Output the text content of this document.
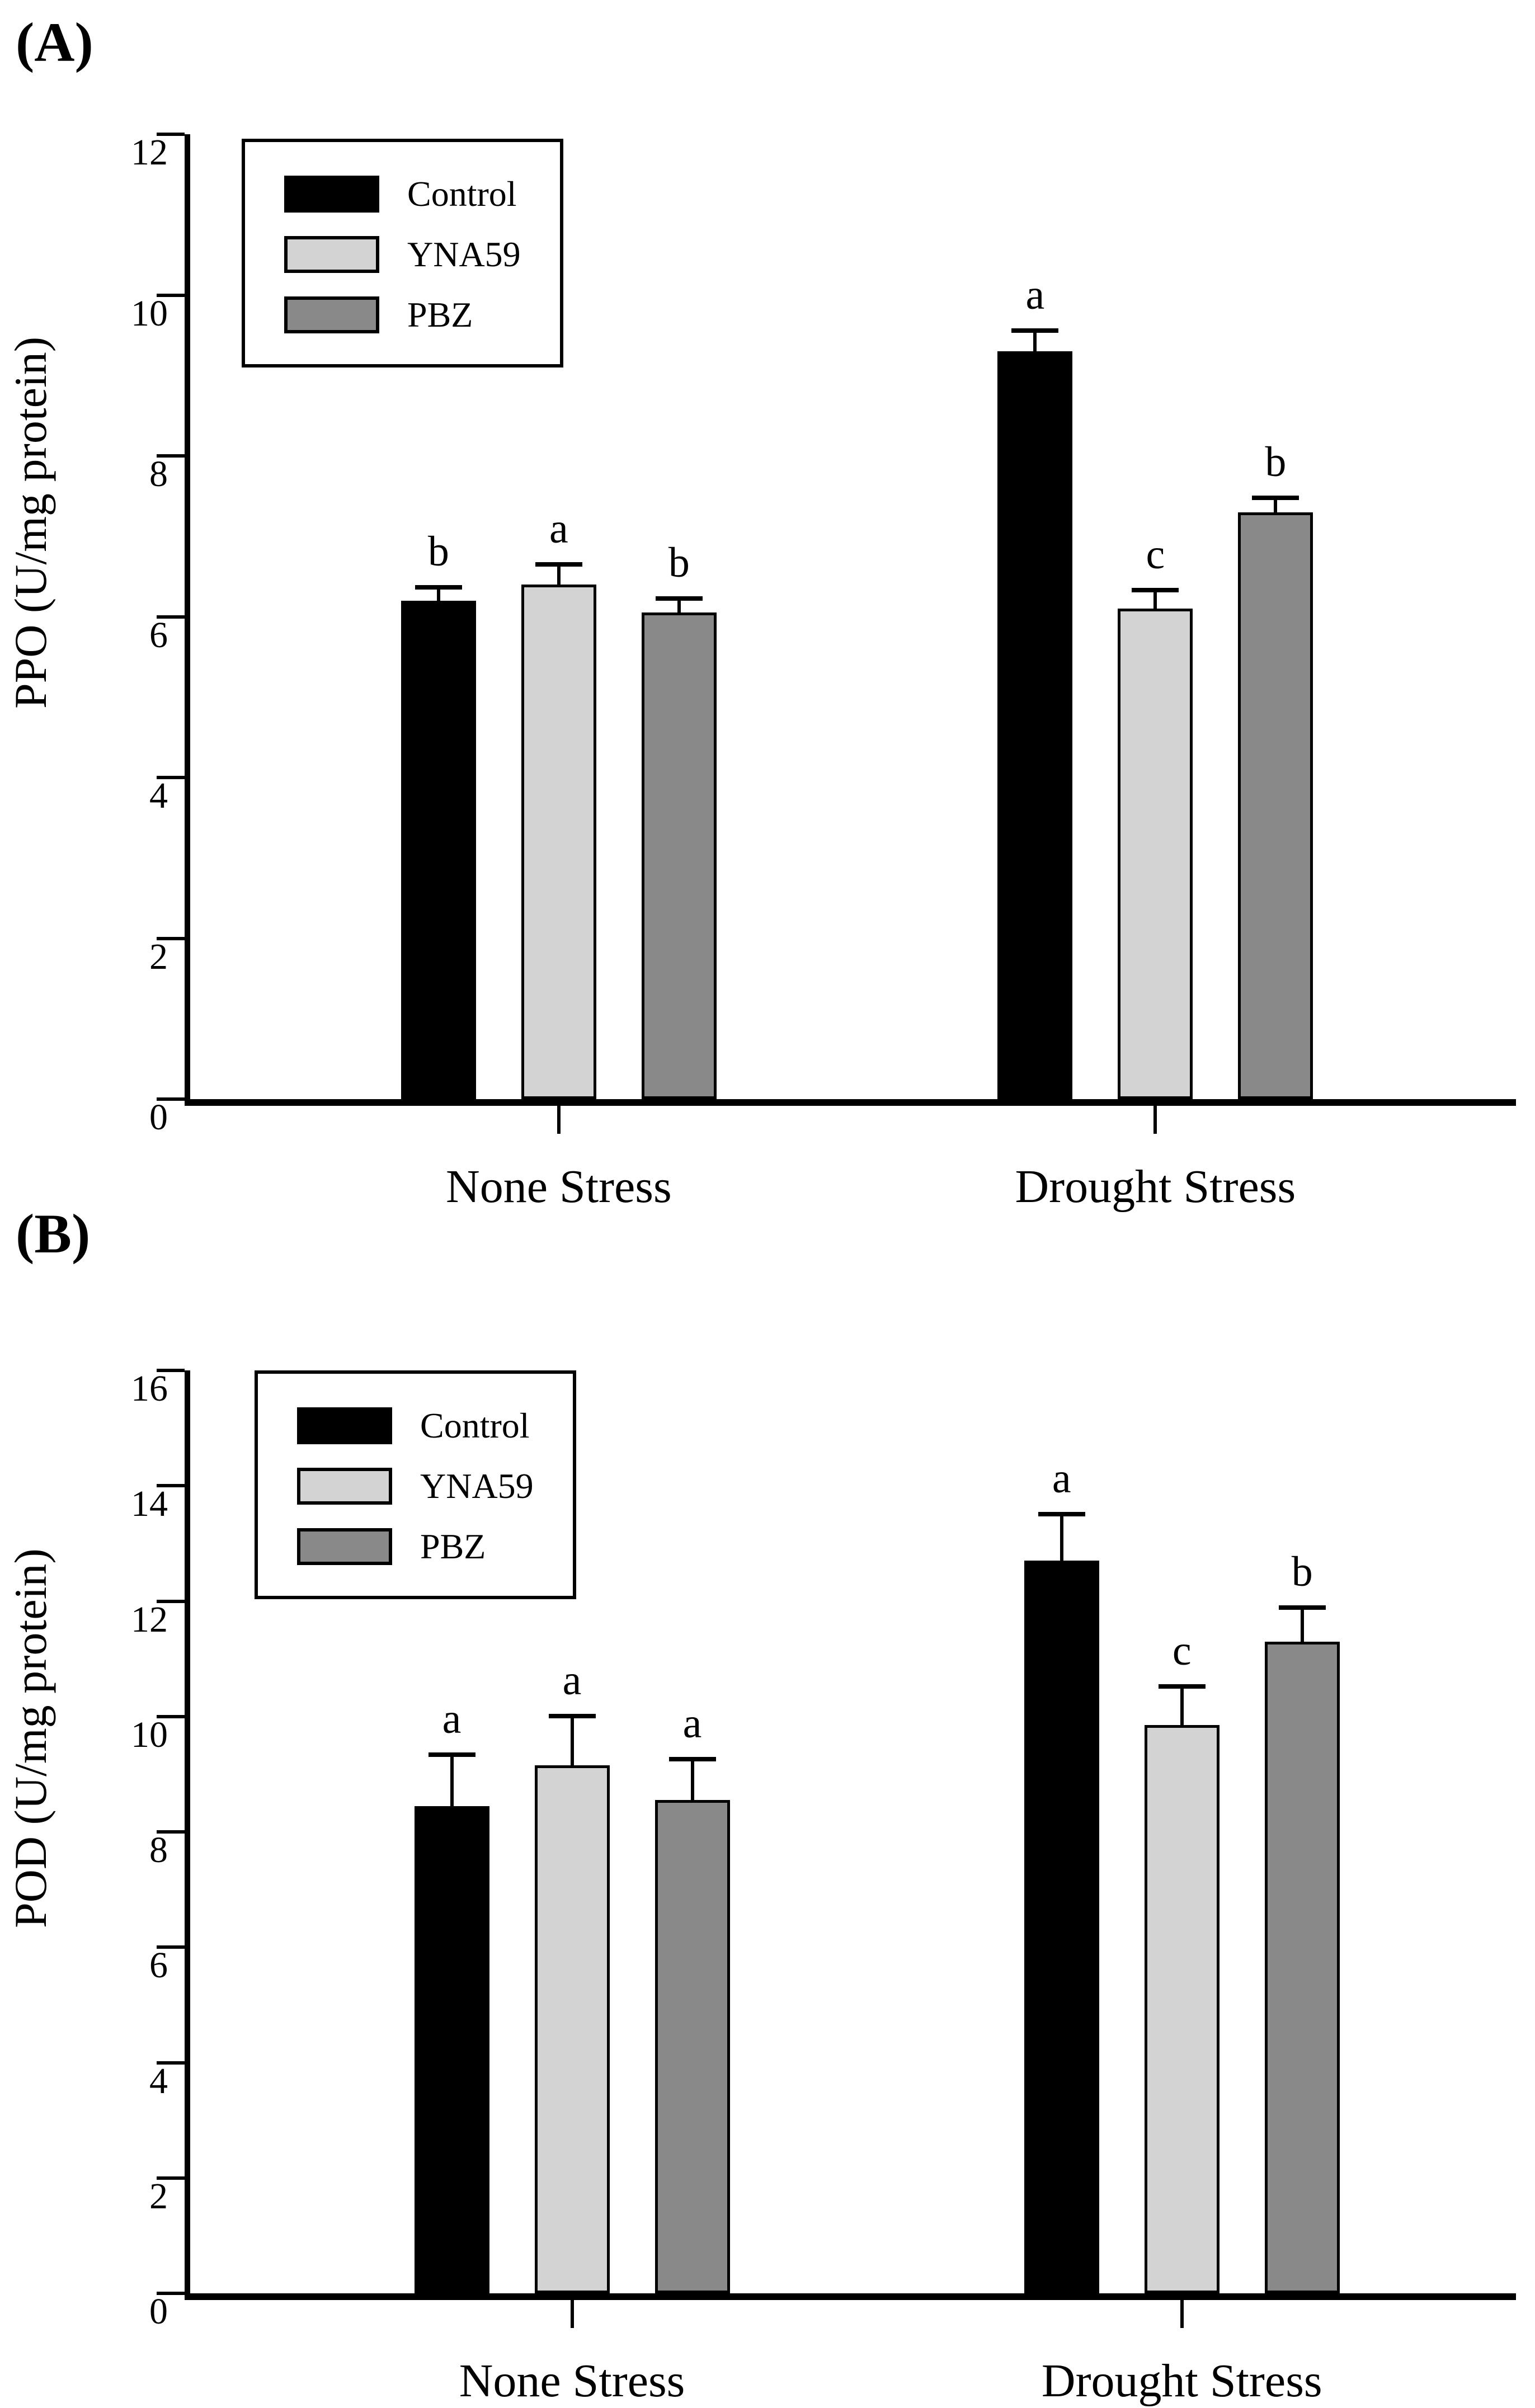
(A)
PPO (U/mg protein)
Control
YNA59
PBZ
0
2
4
6
8
10
12
None Stress
b a
b
Drought Stress
a
c
b
(B)
POD (U/mg protein)
Control
YNA59
PBZ
0
2
4
6
8
10
12
14
16
None Stress
a
a
a
Drought Stress
a
c
b
